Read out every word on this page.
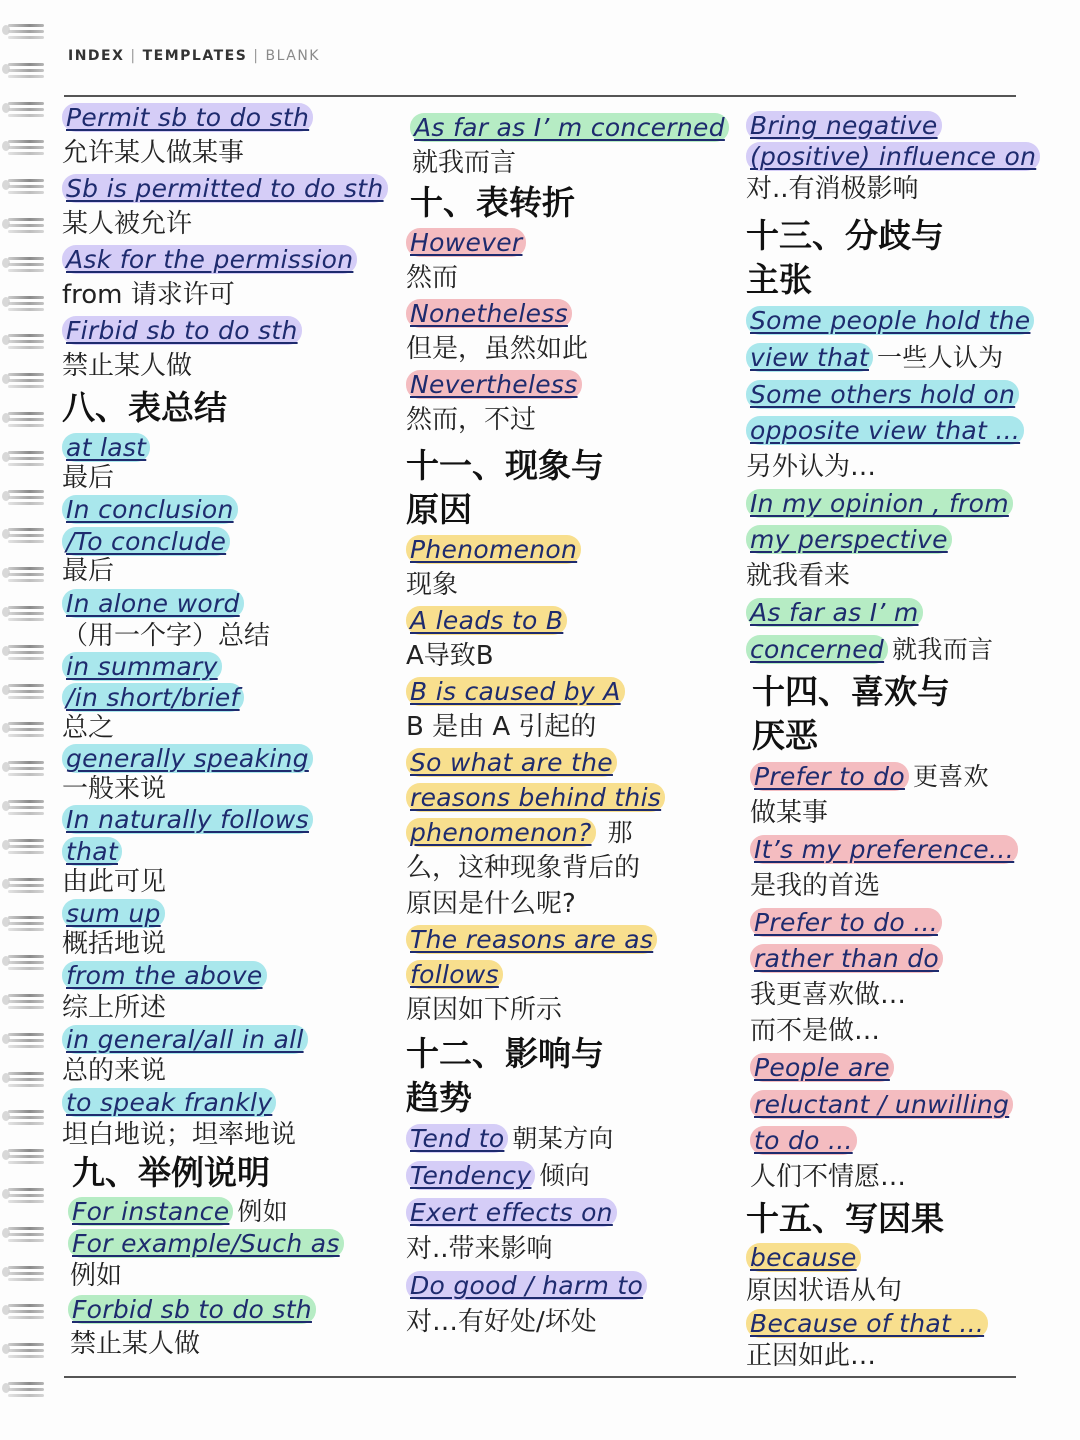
INDEX | TEMPLATES | BLANK
Permit sb to do sth
允许某人做某事
Sb is permitted to do sth
某人被允许
Ask for the permission
from 请求许可
Firbid sb to do sth
禁止某人做
八、表总结
at last
最后
In conclusion
/To conclude
最后
In alone word
（用一个字）总结
in summary
/in short/brief
总之
generally speaking
一般来说
In naturally follows
that
由此可见
sum up
概括地说
from the above
综上所述
in general/all in all
总的来说
to speak frankly
坦白地说；坦率地说
九、举例说明
For instance 例如
For example/Such as
例如
Forbid sb to do sth
禁止某人做
As far as I’ m concerned
就我而言
十、表转折
However
然而
Nonetheless
但是，虽然如此
Nevertheless
然而，不过
十一、现象与
原因
Phenomenon
现象
A leads to B
A导致B
B is caused by A
B 是由 A 引起的
So what are the
reasons behind this
phenomenon? 那
么，这种现象背后的
原因是什么呢?
The reasons are as
follows
原因如下所示
十二、影响与
趋势
Tend to 朝某方向
Tendency 倾向
Exert effects on
对..带来影响
Do good / harm to
对…有好处/坏处
Bring negative
(positive) influence on
对..有消极影响
十三、分歧与
主张
Some people hold the
view that 一些人认为
Some others hold on
opposite view that ...
另外认为…
In my opinion , from
my perspective
就我看来
As far as I’ m
concerned 就我而言
十四、喜欢与
厌恶
Prefer to do 更喜欢
做某事
It’s my preference…
是我的首选
Prefer to do ...
rather than do
我更喜欢做…
而不是做…
People are
reluctant / unwilling
to do ...
人们不情愿…
十五、写因果
because
原因状语从句
Because of that ...
正因如此…
